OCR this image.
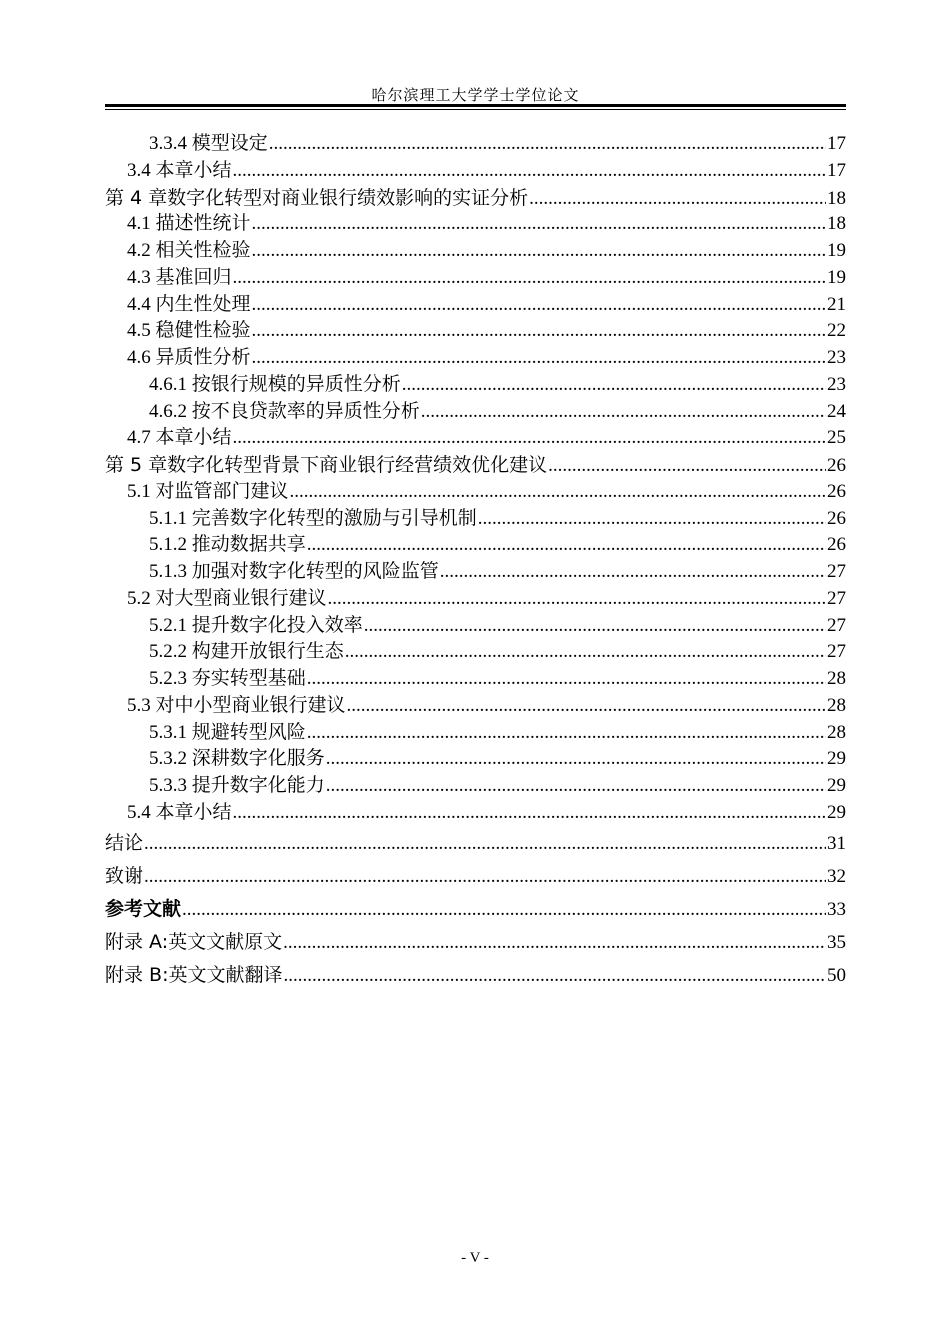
哈尔滨理工大学学士学位论文
3.3.4 模型设定 .....	17
3.4 本章小结 .....	17
第 4 章数字化转型对商业银行绩效影响的实证分析 .....	18
4.1 描述性统计 .....	18
4.2 相关性检验 .....	19
4.3 基准回归 .....	19
4.4 内生性处理 .....	21
4.5 稳健性检验 .....	22
4.6 异质性分析 .....	23
4.6.1 按银行规模的异质性分析 .....	23
4.6.2 按不良贷款率的异质性分析 .....	24
4.7 本章小结 .....	25
第 5 章数字化转型背景下商业银行经营绩效优化建议 .....	26
5.1 对监管部门建议 .....	26
5.1.1 完善数字化转型的激励与引导机制 .....	26
5.1.2 推动数据共享 .....	26
5.1.3 加强对数字化转型的风险监管 .....	27
5.2 对大型商业银行建议 .....	27
5.2.1 提升数字化投入效率 .....	27
5.2.2 构建开放银行生态 .....	27
5.2.3 夯实转型基础 .....	28
5.3 对中小型商业银行建议 .....	28
5.3.1 规避转型风险 .....	28
5.3.2 深耕数字化服务 .....	29
5.3.3 提升数字化能力 .....	29
5.4 本章小结 .....	29
结论 .....	31
致谢 .....	32
参考文献 .....	33
附录 A:英文文献原文 .....	35
附录 B:英文文献翻译 .....	50
- V -
